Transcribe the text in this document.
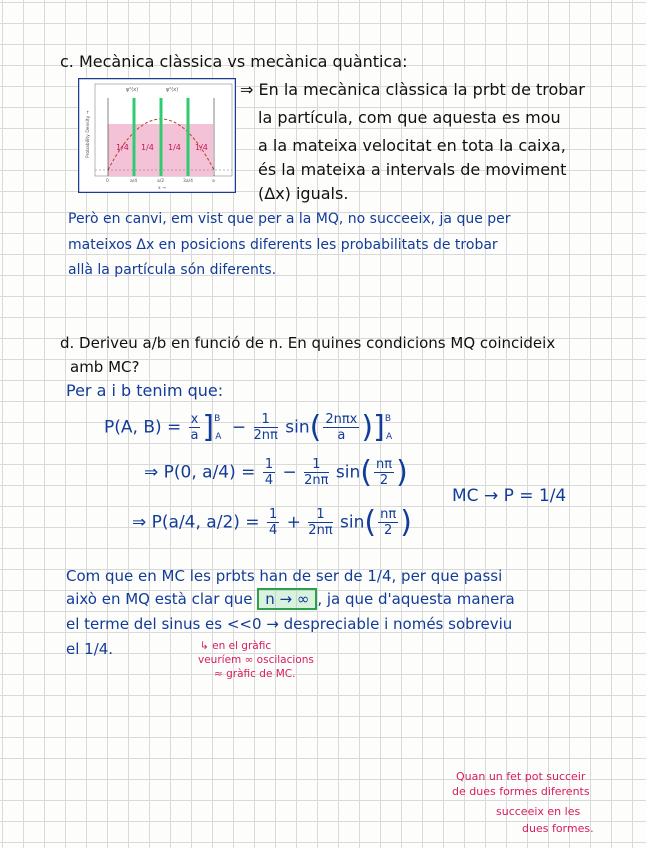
c. Mecànica clàssica vs mecànica quàntica:
ψ²(x)	ψ²(x)
Probability Density →	1/4 1/4 1/4 1/4
0	a/4	a/2	3a/4	a
x →
⇒ En la mecànica clàssica la prbt de trobar
la partícula, com que aquesta es mou
a la mateixa velocitat en tota la caixa,
és la mateixa a intervals de moviment
(Δx) iguals.
Però en canvi, em vist que per a la MQ, no succeeix, ja que per
mateixos Δx en posicions diferents les probabilitats de trobar
allà la partícula són diferents.
d. Deriveu a/b en funció de n. En quines condicions MQ coincideix
amb MC?
Per a i b tenim que:
P(A, $B) = \frac{x}{a} ]^B_A - \frac{1}{2n\pi} \sin( \frac{\text{2nπx}}{a} )]^B_A$
⇒ P(0, $a/4) = \frac{1}{4} - \frac{1}{2n\pi} \sin( \frac{n\pi}{2}$ )
MC → P = 1/4
⇒ P(a/4, $a/2) = \frac{1}{4} + \frac{1}{2n\pi} \sin( \frac{n\pi}{2}$ )
Com que en MC les prbts han de ser de 1/4, per que passi
això en MQ està clar que n → ∞ , ja que d'aquesta manera
el terme del sinus es <<0 → despreciable i només sobreviu
el 1/4.	↳ en el gràfic
veuríem ∞ oscilacions
≈ gràfic de MC.
Quan un fet pot succeir
de dues formes diferents
succeeix en les
dues formes.
